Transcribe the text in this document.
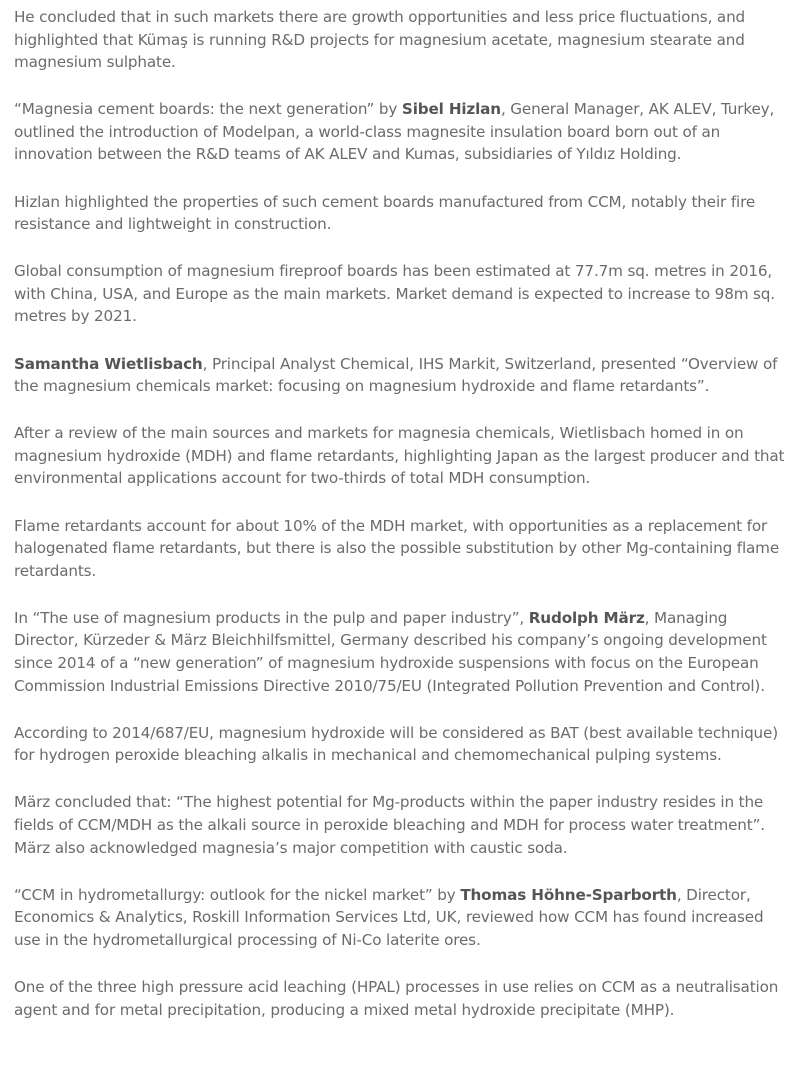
He concluded that in such markets there are growth opportunities and less price fluctuations, and highlighted that Kümaş is running R&D projects for magnesium acetate, magnesium stearate and magnesium sulphate.

“Magnesia cement boards: the next generation” by Sibel Hizlan, General Manager, AK ALEV, Turkey, outlined the introduction of Modelpan, a world-class magnesite insulation board born out of an innovation between the R&D teams of AK ALEV and Kumas, subsidiaries of Yıldız Holding.

Hizlan highlighted the properties of such cement boards manufactured from CCM, notably their fire resistance and lightweight in construction.

Global consumption of magnesium fireproof boards has been estimated at 77.7m sq. metres in 2016, with China, USA, and Europe as the main markets. Market demand is expected to increase to 98m sq. metres by 2021.

Samantha Wietlisbach, Principal Analyst Chemical, IHS Markit, Switzerland, presented “Overview of the magnesium chemicals market: focusing on magnesium hydroxide and flame retardants”.

After a review of the main sources and markets for magnesia chemicals, Wietlisbach homed in on magnesium hydroxide (MDH) and flame retardants, highlighting Japan as the largest producer and that environmental applications account for two-thirds of total MDH consumption.

Flame retardants account for about 10% of the MDH market, with opportunities as a replacement for halogenated flame retardants, but there is also the possible substitution by other Mg-containing flame retardants.

In “The use of magnesium products in the pulp and paper industry”, Rudolph März, Managing Director, Kürzeder & März Bleichhilfsmittel, Germany described his company’s ongoing development since 2014 of a “new generation” of magnesium hydroxide suspensions with focus on the European Commission Industrial Emissions Directive 2010/75/EU (Integrated Pollution Prevention and Control).

According to 2014/687/EU, magnesium hydroxide will be considered as BAT (best available technique) for hydrogen peroxide bleaching alkalis in mechanical and chemomechanical pulping systems.

März concluded that: “The highest potential for Mg-products within the paper industry resides in the fields of CCM/MDH as the alkali source in peroxide bleaching and MDH for process water treatment”. März also acknowledged magnesia’s major competition with caustic soda.

“CCM in hydrometallurgy: outlook for the nickel market” by Thomas Höhne-Sparborth, Director, Economics & Analytics, Roskill Information Services Ltd, UK, reviewed how CCM has found increased use in the hydrometallurgical processing of Ni-Co laterite ores.

One of the three high pressure acid leaching (HPAL) processes in use relies on CCM as a neutralisation agent and for metal precipitation, producing a mixed metal hydroxide precipitate (MHP).
